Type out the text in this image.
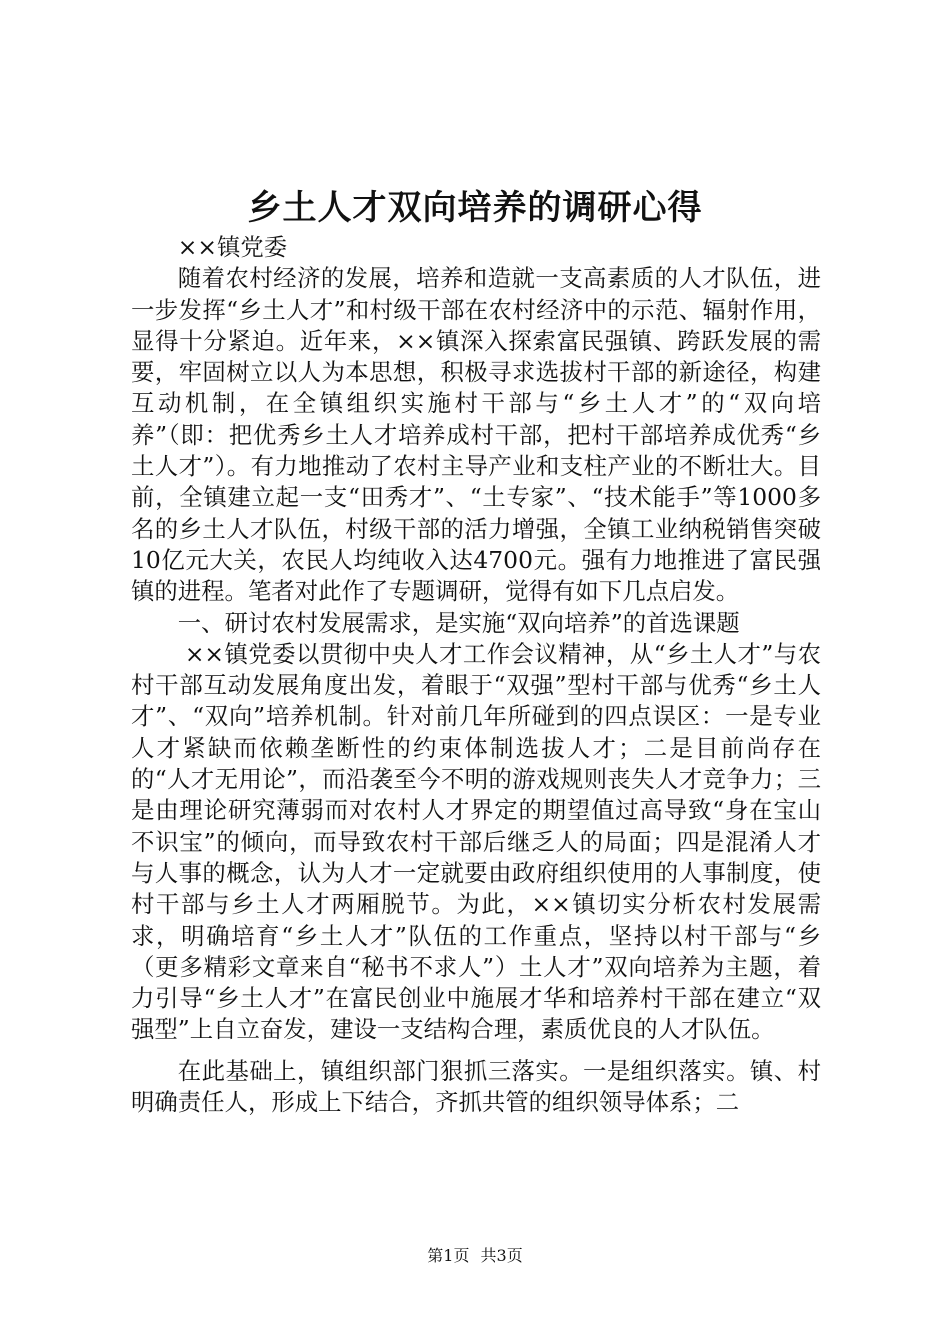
乡土人才双向培养的调研心得

××镇党委

随着农村经济的发展，培养和造就一支高素质的人才队伍，进一步发挥“乡土人才”和村级干部在农村经济中的示范、辐射作用，显得十分紧迫。近年来，××镇深入探索富民强镇、跨跃发展的需要，牢固树立以人为本思想，积极寻求选拔村干部的新途径，构建互动机制，在全镇组织实施村干部与“乡土人才”的“双向培养”（即：把优秀乡土人才培养成村干部，把村干部培养成优秀“乡土人才”）。有力地推动了农村主导产业和支柱产业的不断壮大。目前，全镇建立起一支“田秀才”、“土专家”、“技术能手”等1000多名的乡土人才队伍，村级干部的活力增强，全镇工业纳税销售突破10亿元大关，农民人均纯收入达4700元。强有力地推进了富民强镇的进程。笔者对此作了专题调研，觉得有如下几点启发。

一、研讨农村发展需求，是实施“双向培养”的首选课题

××镇党委以贯彻中央人才工作会议精神，从“乡土人才”与农村干部互动发展角度出发，着眼于“双强”型村干部与优秀“乡土人才”、“双向”培养机制。针对前几年所碰到的四点误区：一是专业人才紧缺而依赖垄断性的约束体制选拔人才；二是目前尚存在的“人才无用论”，而沿袭至今不明的游戏规则丧失人才竞争力；三是由理论研究薄弱而对农村人才界定的期望值过高导致“身在宝山不识宝”的倾向，而导致农村干部后继乏人的局面；四是混淆人才与人事的概念，认为人才一定就要由政府组织使用的人事制度，使村干部与乡土人才两厢脱节。为此，××镇切实分析农村发展需求，明确培育“乡土人才”队伍的工作重点，坚持以村干部与“乡（更多精彩文章来自“秘书不求人”）土人才”双向培养为主题，着力引导“乡土人才”在富民创业中施展才华和培养村干部在建立“双强型”上自立奋发，建设一支结构合理，素质优良的人才队伍。

在此基础上，镇组织部门狠抓三落实。一是组织落实。镇、村明确责任人，形成上下结合，齐抓共管的组织领导体系；二

第1页 共3页
